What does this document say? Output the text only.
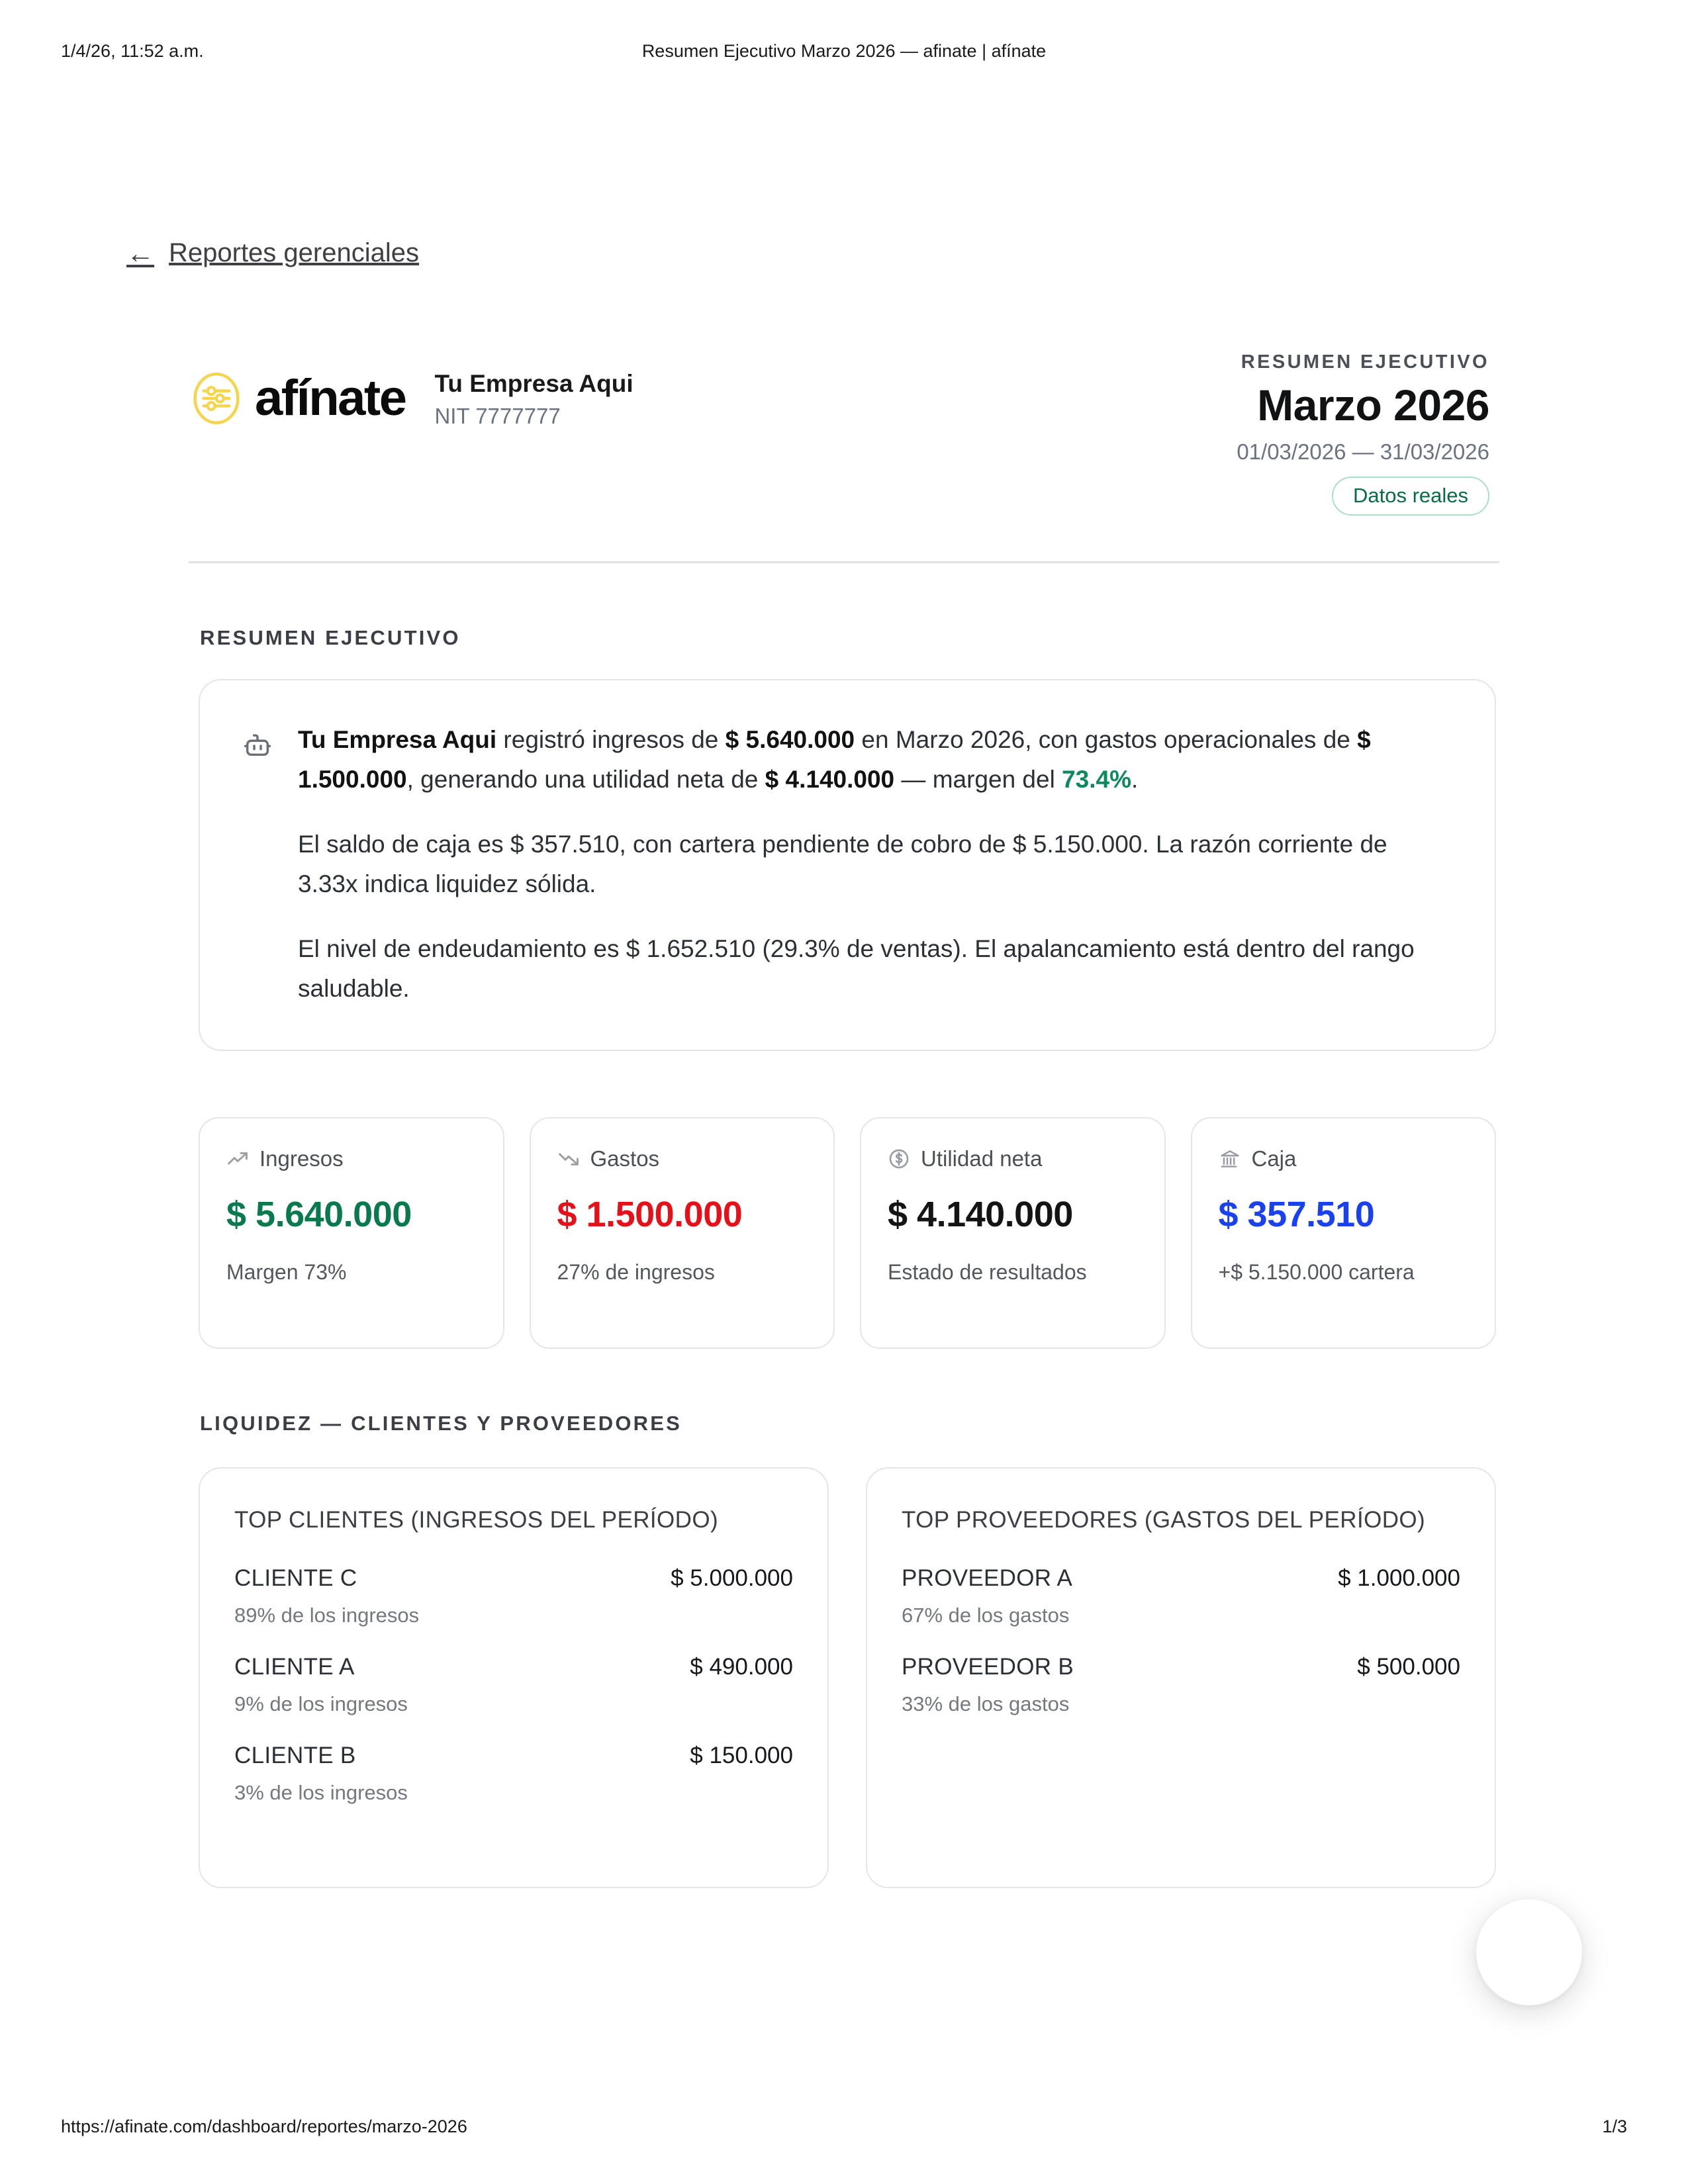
1/4/26, 11:52 a.m.	Resumen Ejecutivo Marzo 2026 — afinate | afínate
← Reportes gerenciales
afínate Tu Empresa Aqui
NIT 7777777
RESUMEN EJECUTIVO
Marzo 2026
01/03/2026 — 31/03/2026
Datos reales
RESUMEN EJECUTIVO

Tu Empresa Aqui registró ingresos de $ 5.640.000 en Marzo 2026, con gastos operacionales de $ 1.500.000, generando una utilidad neta de $ 4.140.000 — margen del 73.4%.

El saldo de caja es $ 357.510, con cartera pendiente de cobro de $ 5.150.000. La razón corriente de 3.33x indica liquidez sólida.

El nivel de endeudamiento es $ 1.652.510 (29.3% de ventas). El apalancamiento está dentro del rango saludable.

Ingresos
$ 5.640.000
Margen 73%
Gastos
$ 1.500.000
27% de ingresos
Utilidad neta
$ 4.140.000
Estado de resultados
Caja
$ 357.510
+$ 5.150.000 cartera
LIQUIDEZ — CLIENTES Y PROVEEDORES
TOP CLIENTES (INGRESOS DEL PERÍODO)
CLIENTE C	$ 5.000.000
89% de los ingresos
CLIENTE A	$ 490.000
9% de los ingresos
CLIENTE B	$ 150.000
3% de los ingresos
TOP PROVEEDORES (GASTOS DEL PERÍODO)
PROVEEDOR A	$ 1.000.000
67% de los gastos
PROVEEDOR B	$ 500.000
33% de los gastos
https://afinate.com/dashboard/reportes/marzo-2026	1/3
